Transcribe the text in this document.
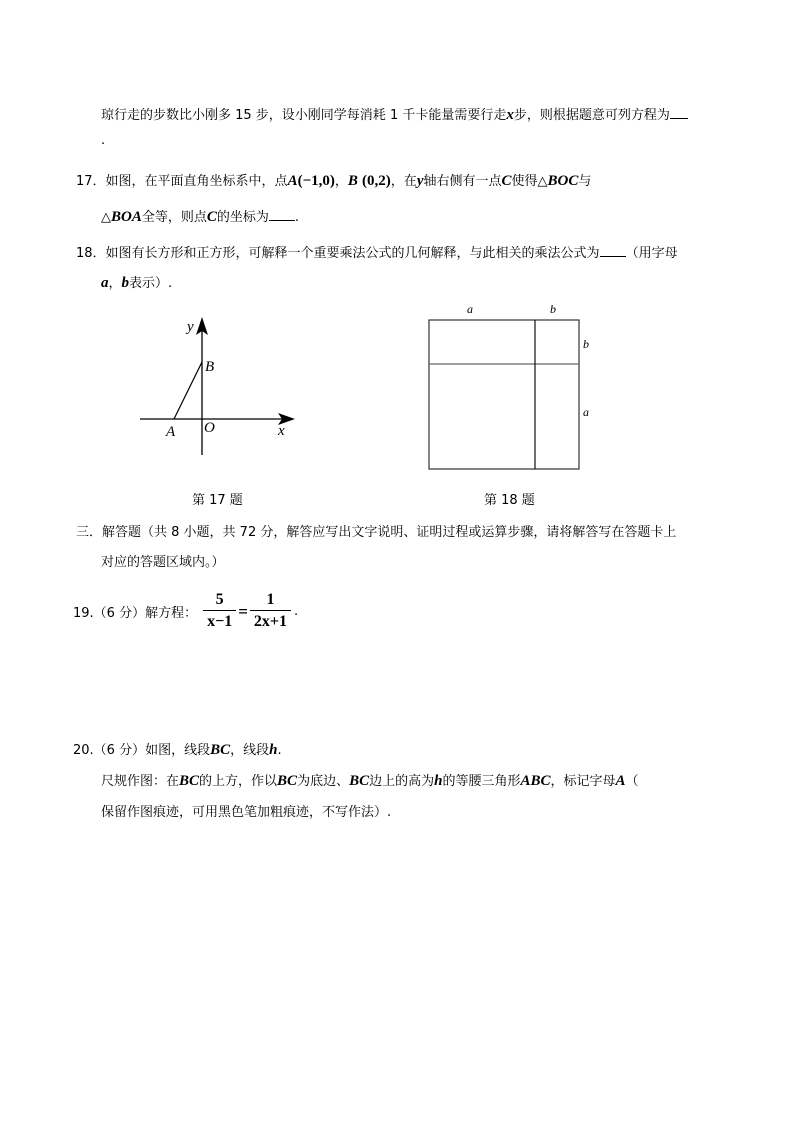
琼行走的步数比小刚多 15 步，设小刚同学每消耗 1 千卡能量需要行走x步，则根据题意可列方程为
.
17．如图，在平面直角坐标系中，点A(−1,0)，B (0,2)，在y轴右侧有一点C使得△BOC与
△BOA全等，则点C的坐标为 .
18．如图有长方形和正方形，可解释一个重要乘法公式的几何解释，与此相关的乘法公式为 （用字母
a，b表示）.
y
B
A O	x
a	b
b
a
第 17 题	第 18 题
三．解答题（共 8 小题，共 72 分，解答应写出文字说明、证明过程或运算步骤，请将解答写在答题卡上
对应的答题区域内。）
19.（6 分）解方程： $\frac{5}{x-1} = \frac{1}{2x+1}$ .
20.（6 分）如图，线段BC，线段h.
尺规作图：在BC的上方，作以BC为底边、BC边上的高为h的等腰三角形ABC，标记字母A（
保留作图痕迹，可用黑色笔加粗痕迹，不写作法）.
